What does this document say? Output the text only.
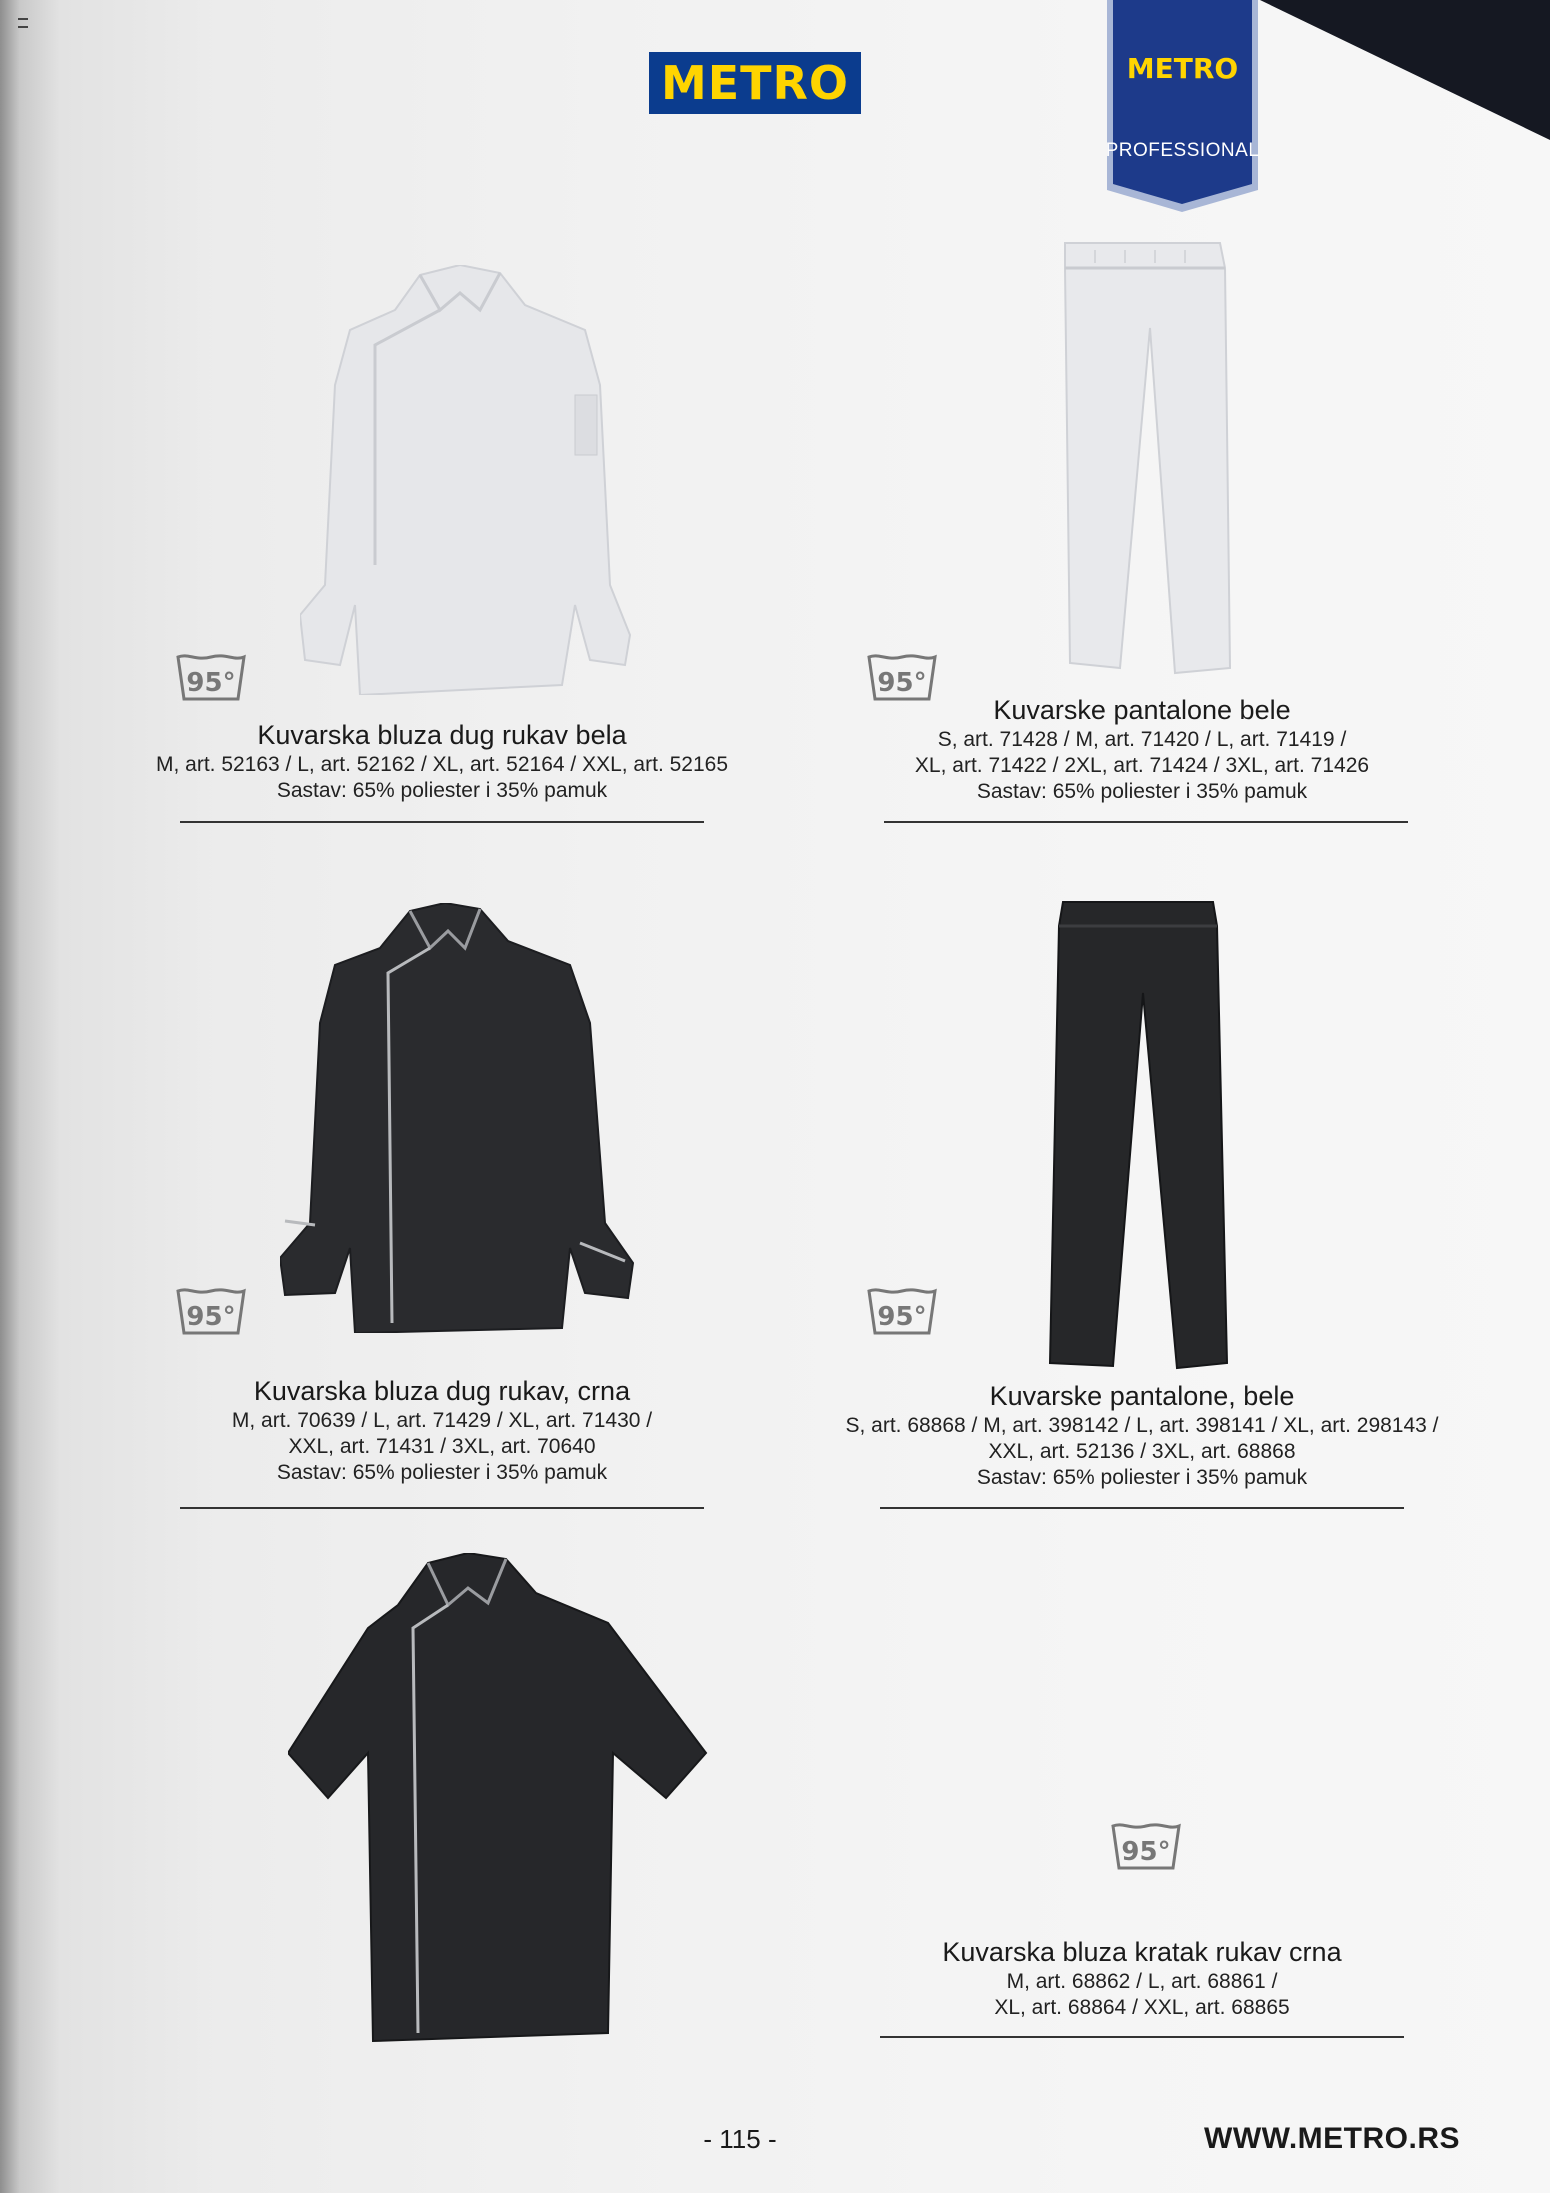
METRO	METRO
PROFESSIONAL
95°
Kuvarska bluza dug rukav bela
M, art. 52163 / L, art. 52162 / XL, art. 52164 / XXL, art. 52165
Sastav: 65% poliester i 35% pamuk
95°
Kuvarske pantalone bele
S, art. 71428 / M, art. 71420 / L, art. 71419 /
XL, art. 71422 / 2XL, art. 71424 / 3XL, art. 71426
Sastav: 65% poliester i 35% pamuk
95°
Kuvarska bluza dug rukav, crna
M, art. 70639 / L, art. 71429 / XL, art. 71430 /
XXL, art. 71431 / 3XL, art. 70640
Sastav: 65% poliester i 35% pamuk
95°
Kuvarske pantalone, bele
S, art. 68868 / M, art. 398142 / L, art. 398141 / XL, art. 298143 /
XXL, art. 52136 / 3XL, art. 68868
Sastav: 65% poliester i 35% pamuk
95°
Kuvarska bluza kratak rukav crna
M, art. 68862 / L, art. 68861 /
XL, art. 68864 / XXL, art. 68865
- 115 -	WWW.METRO.RS
